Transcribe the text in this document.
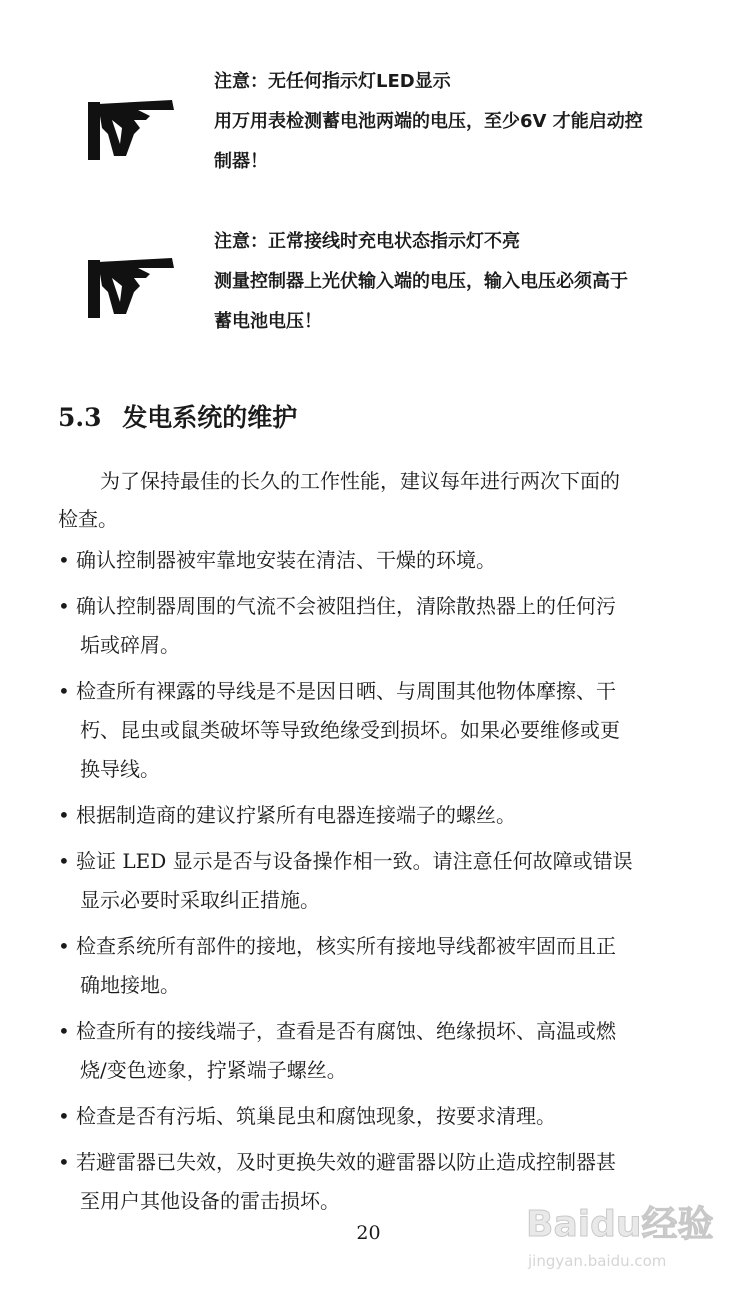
注意：无任何指示灯LED显示
用万用表检测蓄电池两端的电压，至少6V 才能启动控
制器！
注意：正常接线时充电状态指示灯不亮
测量控制器上光伏输入端的电压，输入电压必须高于
蓄电池电压！
5.3 发电系统的维护
为了保持最佳的长久的工作性能，建议每年进行两次下面的
检查。
• 确认控制器被牢靠地安装在清洁、干燥的环境。
• 确认控制器周围的气流不会被阻挡住，清除散热器上的任何污
垢或碎屑。
• 检查所有裸露的导线是不是因日晒、与周围其他物体摩擦、干
朽、昆虫或鼠类破坏等导致绝缘受到损坏。如果必要维修或更
换导线。
• 根据制造商的建议拧紧所有电器连接端子的螺丝。
• 验证 LED 显示是否与设备操作相一致。请注意任何故障或错误
显示必要时采取纠正措施。
• 检查系统所有部件的接地，核实所有接地导线都被牢固而且正
确地接地。
• 检查所有的接线端子，查看是否有腐蚀、绝缘损坏、高温或燃
烧/变色迹象，拧紧端子螺丝。
• 检查是否有污垢、筑巢昆虫和腐蚀现象，按要求清理。
• 若避雷器已失效，及时更换失效的避雷器以防止造成控制器甚
至用户其他设备的雷击损坏。
20	Baidu经验
jingyan.baidu.com
